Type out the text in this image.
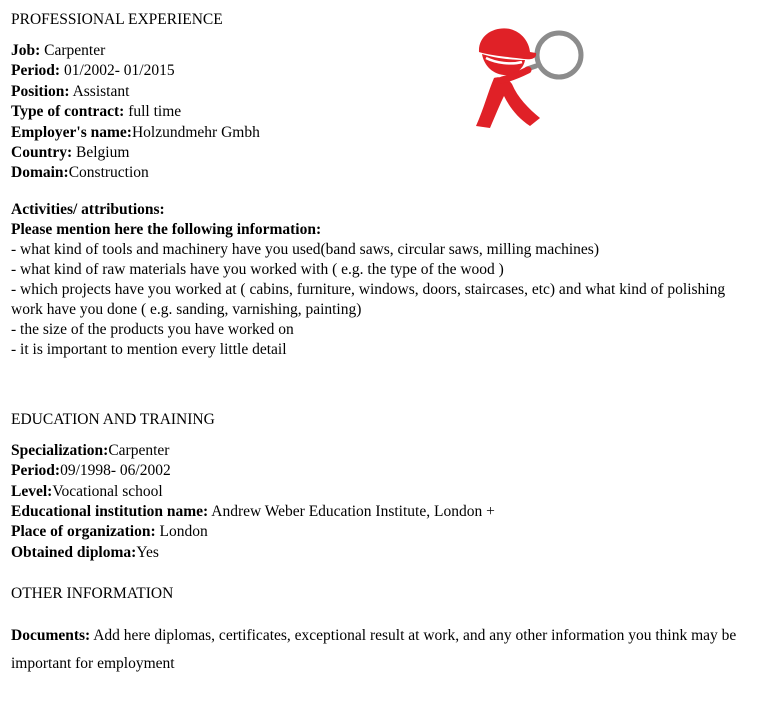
PROFESSIONAL EXPERIENCE
Job: Carpenter
Period: 01/2002- 01/2015
Position: Assistant
Type of contract: full time
Employer's name:Holzundmehr Gmbh
Country: Belgium
Domain:Construction
Activities/ attributions:
Please mention here the following information:
- what kind of tools and machinery have you used(band saws, circular saws, milling machines)
- what kind of raw materials have you worked with ( e.g. the type of the wood )
- which projects have you worked at ( cabins, furniture, windows, doors, staircases, etc) and what kind of polishing work have you done ( e.g. sanding, varnishing, painting)
- the size of the products you have worked on
- it is important to mention every little detail
EDUCATION AND TRAINING
Specialization:Carpenter
Period:09/1998- 06/2002
Level:Vocational school
Educational institution name: Andrew Weber Education Institute, London +
Place of organization: London
Obtained diploma:Yes
OTHER INFORMATION
Documents: Add here diplomas, certificates, exceptional result at work, and any other information you think may be important for employment
